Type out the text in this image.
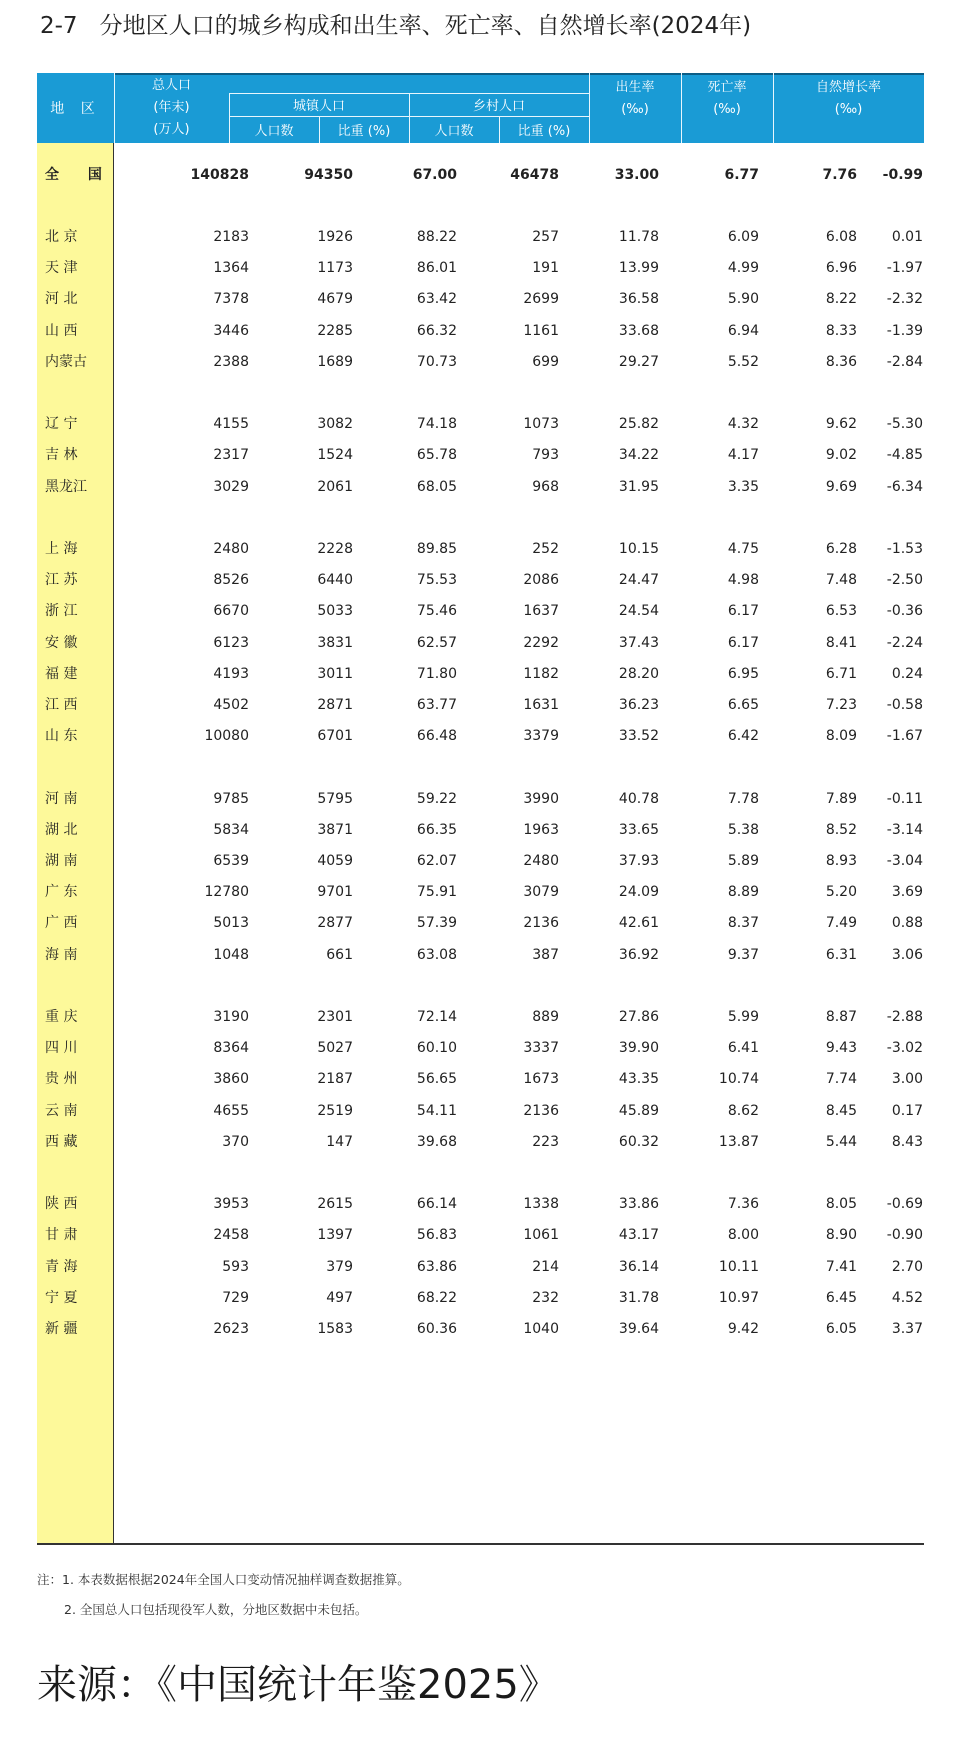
2-7 分地区人口的城乡构成和出生率、死亡率、自然增长率(2024年)
地 区
总人口
(年末)
(万人)
城镇人口	乡村人口
人口数	比重 (%)	人口数	比重 (%)
出生率
(‰)
死亡率
(‰)
自然增长率
(‰)
全 国	140828	94350	67.00	46478	33.00	6.77	7.76	-0.99
北 京	2183	1926	88.22	257	11.78	6.09	6.08	0.01
天 津	1364	1173	86.01	191	13.99	4.99	6.96	-1.97
河 北	7378	4679	63.42	2699	36.58	5.90	8.22	-2.32
山 西	3446	2285	66.32	1161	33.68	6.94	8.33	-1.39
内蒙古	2388	1689	70.73	699	29.27	5.52	8.36	-2.84
辽 宁	4155	3082	74.18	1073	25.82	4.32	9.62	-5.30
吉 林	2317	1524	65.78	793	34.22	4.17	9.02	-4.85
黑龙江	3029	2061	68.05	968	31.95	3.35	9.69	-6.34
上 海	2480	2228	89.85	252	10.15	4.75	6.28	-1.53
江 苏	8526	6440	75.53	2086	24.47	4.98	7.48	-2.50
浙 江	6670	5033	75.46	1637	24.54	6.17	6.53	-0.36
安 徽	6123	3831	62.57	2292	37.43	6.17	8.41	-2.24
福 建	4193	3011	71.80	1182	28.20	6.95	6.71	0.24
江 西	4502	2871	63.77	1631	36.23	6.65	7.23	-0.58
山 东	10080	6701	66.48	3379	33.52	6.42	8.09	-1.67
河 南	9785	5795	59.22	3990	40.78	7.78	7.89	-0.11
湖 北	5834	3871	66.35	1963	33.65	5.38	8.52	-3.14
湖 南	6539	4059	62.07	2480	37.93	5.89	8.93	-3.04
广 东	12780	9701	75.91	3079	24.09	8.89	5.20	3.69
广 西	5013	2877	57.39	2136	42.61	8.37	7.49	0.88
海 南	1048	661	63.08	387	36.92	9.37	6.31	3.06
重 庆	3190	2301	72.14	889	27.86	5.99	8.87	-2.88
四 川	8364	5027	60.10	3337	39.90	6.41	9.43	-3.02
贵 州	3860	2187	56.65	1673	43.35	10.74	7.74	3.00
云 南	4655	2519	54.11	2136	45.89	8.62	8.45	0.17
西 藏	370	147	39.68	223	60.32	13.87	5.44	8.43
陕 西	3953	2615	66.14	1338	33.86	7.36	8.05	-0.69
甘 肃	2458	1397	56.83	1061	43.17	8.00	8.90	-0.90
青 海	593	379	63.86	214	36.14	10.11	7.41	2.70
宁 夏	729	497	68.22	232	31.78	10.97	6.45	4.52
新 疆	2623	1583	60.36	1040	39.64	9.42	6.05	3.37
注：1. 本表数据根据2024年全国人口变动情况抽样调查数据推算。
2. 全国总人口包括现役军人数，分地区数据中未包括。
来源：《中国统计年鉴2025》
